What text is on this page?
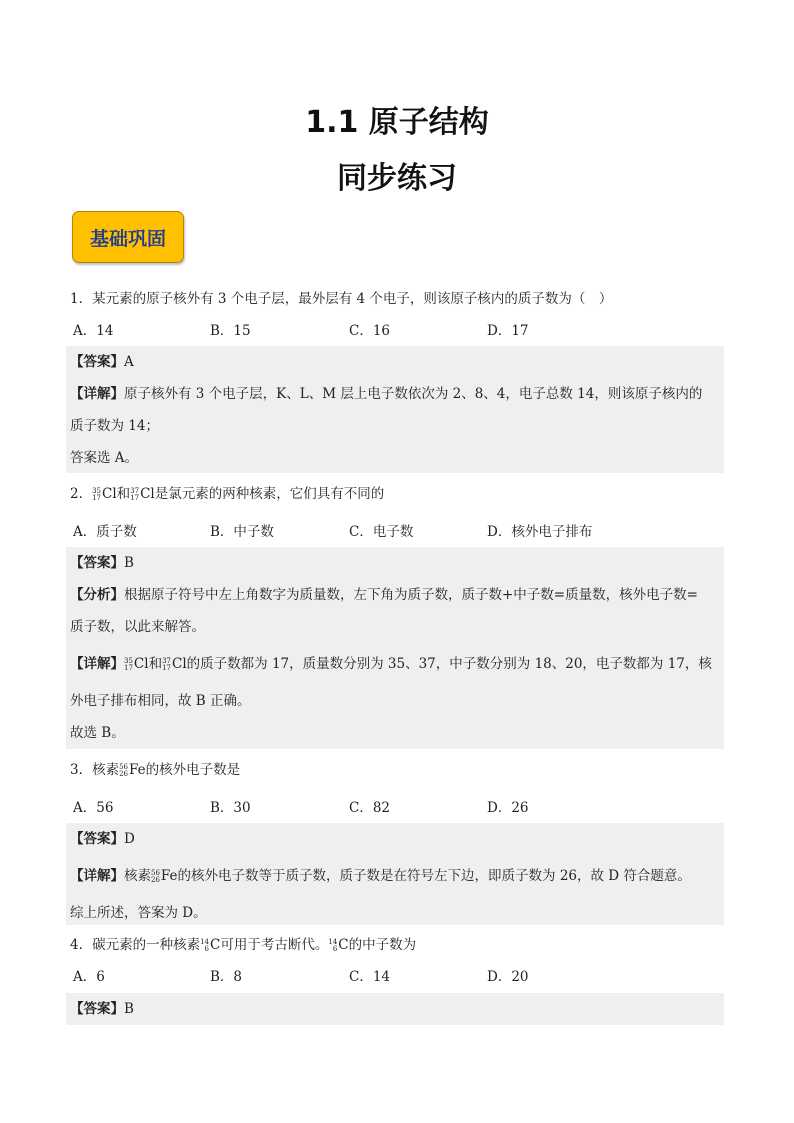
1.1 原子结构
同步练习
基础巩固
1．某元素的原子核外有 3 个电子层，最外层有 4 个电子，则该原子核内的质子数为（　）
A．14	B．15	C．16	D．17
【答案】A
【详解】原子核外有 3 个电子层，K、L、M 层上电子数依次为 2、8、4，电子总数 14，则该原子核内的
质子数为 14；
答案选 A。
2． 35
17 Cl和 37
17 Cl是氯元素的两种核素，它们具有不同的
A．质子数	B．中子数	C．电子数	D．核外电子排布
【答案】B
【分析】根据原子符号中左上角数字为质量数，左下角为质子数，质子数+中子数=质量数，核外电子数=
质子数，以此来解答。
【详解】 35
17 Cl和 37
17 Cl的质子数都为 17，质量数分别为 35、37，中子数分别为 18、20，电子数都为 17，核
外电子排布相同，故 B 正确。
故选 B。
3．核素 56
26 Fe的核外电子数是
A．56	B．30	C．82	D．26
【答案】D
【详解】核素 56
26 Fe的核外电子数等于质子数，质子数是在符号左下边，即质子数为 26，故 D 符合题意。
综上所述，答案为 D。
4．碳元素的一种核素 14
6 C可用于考古断代。 14
6 C的中子数为
A．6	B．8	C．14	D．20
【答案】B
